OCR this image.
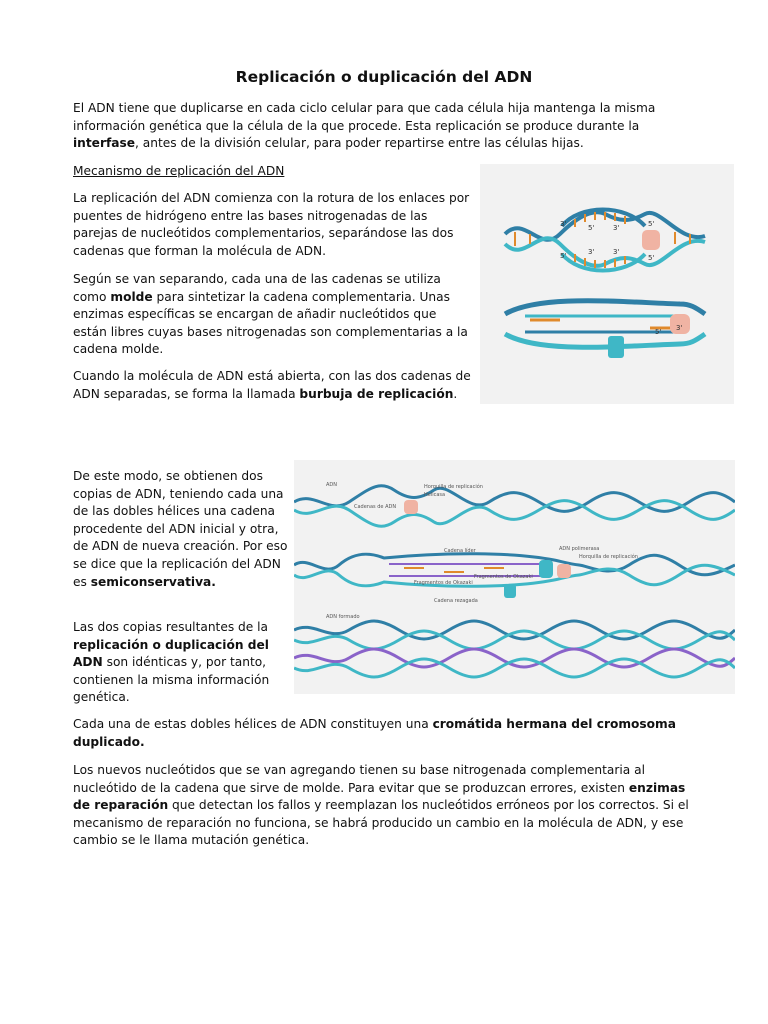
Replicación o duplicación del ADN
El ADN tiene que duplicarse en cada ciclo celular para que cada célula hija mantenga la misma información genética que la célula de la que procede. Esta replicación se produce durante la interfase, antes de la división celular, para poder repartirse entre las células hijas.
Mecanismo de replicación del ADN
La replicación del ADN comienza con la rotura de los enlaces por puentes de hidrógeno entre las bases nitrogenadas de las parejas de nucleótidos complementarios, separándose las dos cadenas que forman la molécula de ADN.
Según se van separando, cada una de las cadenas se utiliza como molde para sintetizar la cadena complementaria. Unas enzimas específicas se encargan de añadir nucleótidos que están libres cuyas bases nitrogenadas son complementarias a la cadena molde.
Cuando la molécula de ADN está abierta, con las dos cadenas de ADN separadas, se forma la llamada burbuja de replicación.
3'	5'
5'	3'
5'	3'	3'
5'
5' 3'
De este modo, se obtienen dos copias de ADN, teniendo cada una de las dobles hélices una cadena procedente del ADN inicial y otra, de ADN de nueva creación. Por eso se dice que la replicación del ADN es semiconservativa.
Las dos copias resultantes de la replicación o duplicación del ADN son idénticas y, por tanto, contienen la misma información genética.
ADN	Horquilla de replicación
Helicasa
Cadenas de ADN
Cadena líder	ADN polimerasa
Horquilla de replicación
Fragmentos de Okazaki
Fragmentos de Okazaki
Cadena rezagada
ADN formado
Cada una de estas dobles hélices de ADN constituyen una cromátida hermana del cromosoma duplicado.
Los nuevos nucleótidos que se van agregando tienen su base nitrogenada complementaria al nucleótido de la cadena que sirve de molde. Para evitar que se produzcan errores, existen enzimas de reparación que detectan los fallos y reemplazan los nucleótidos erróneos por los correctos. Si el mecanismo de reparación no funciona, se habrá producido un cambio en la molécula de ADN, y ese cambio se le llama mutación genética.
